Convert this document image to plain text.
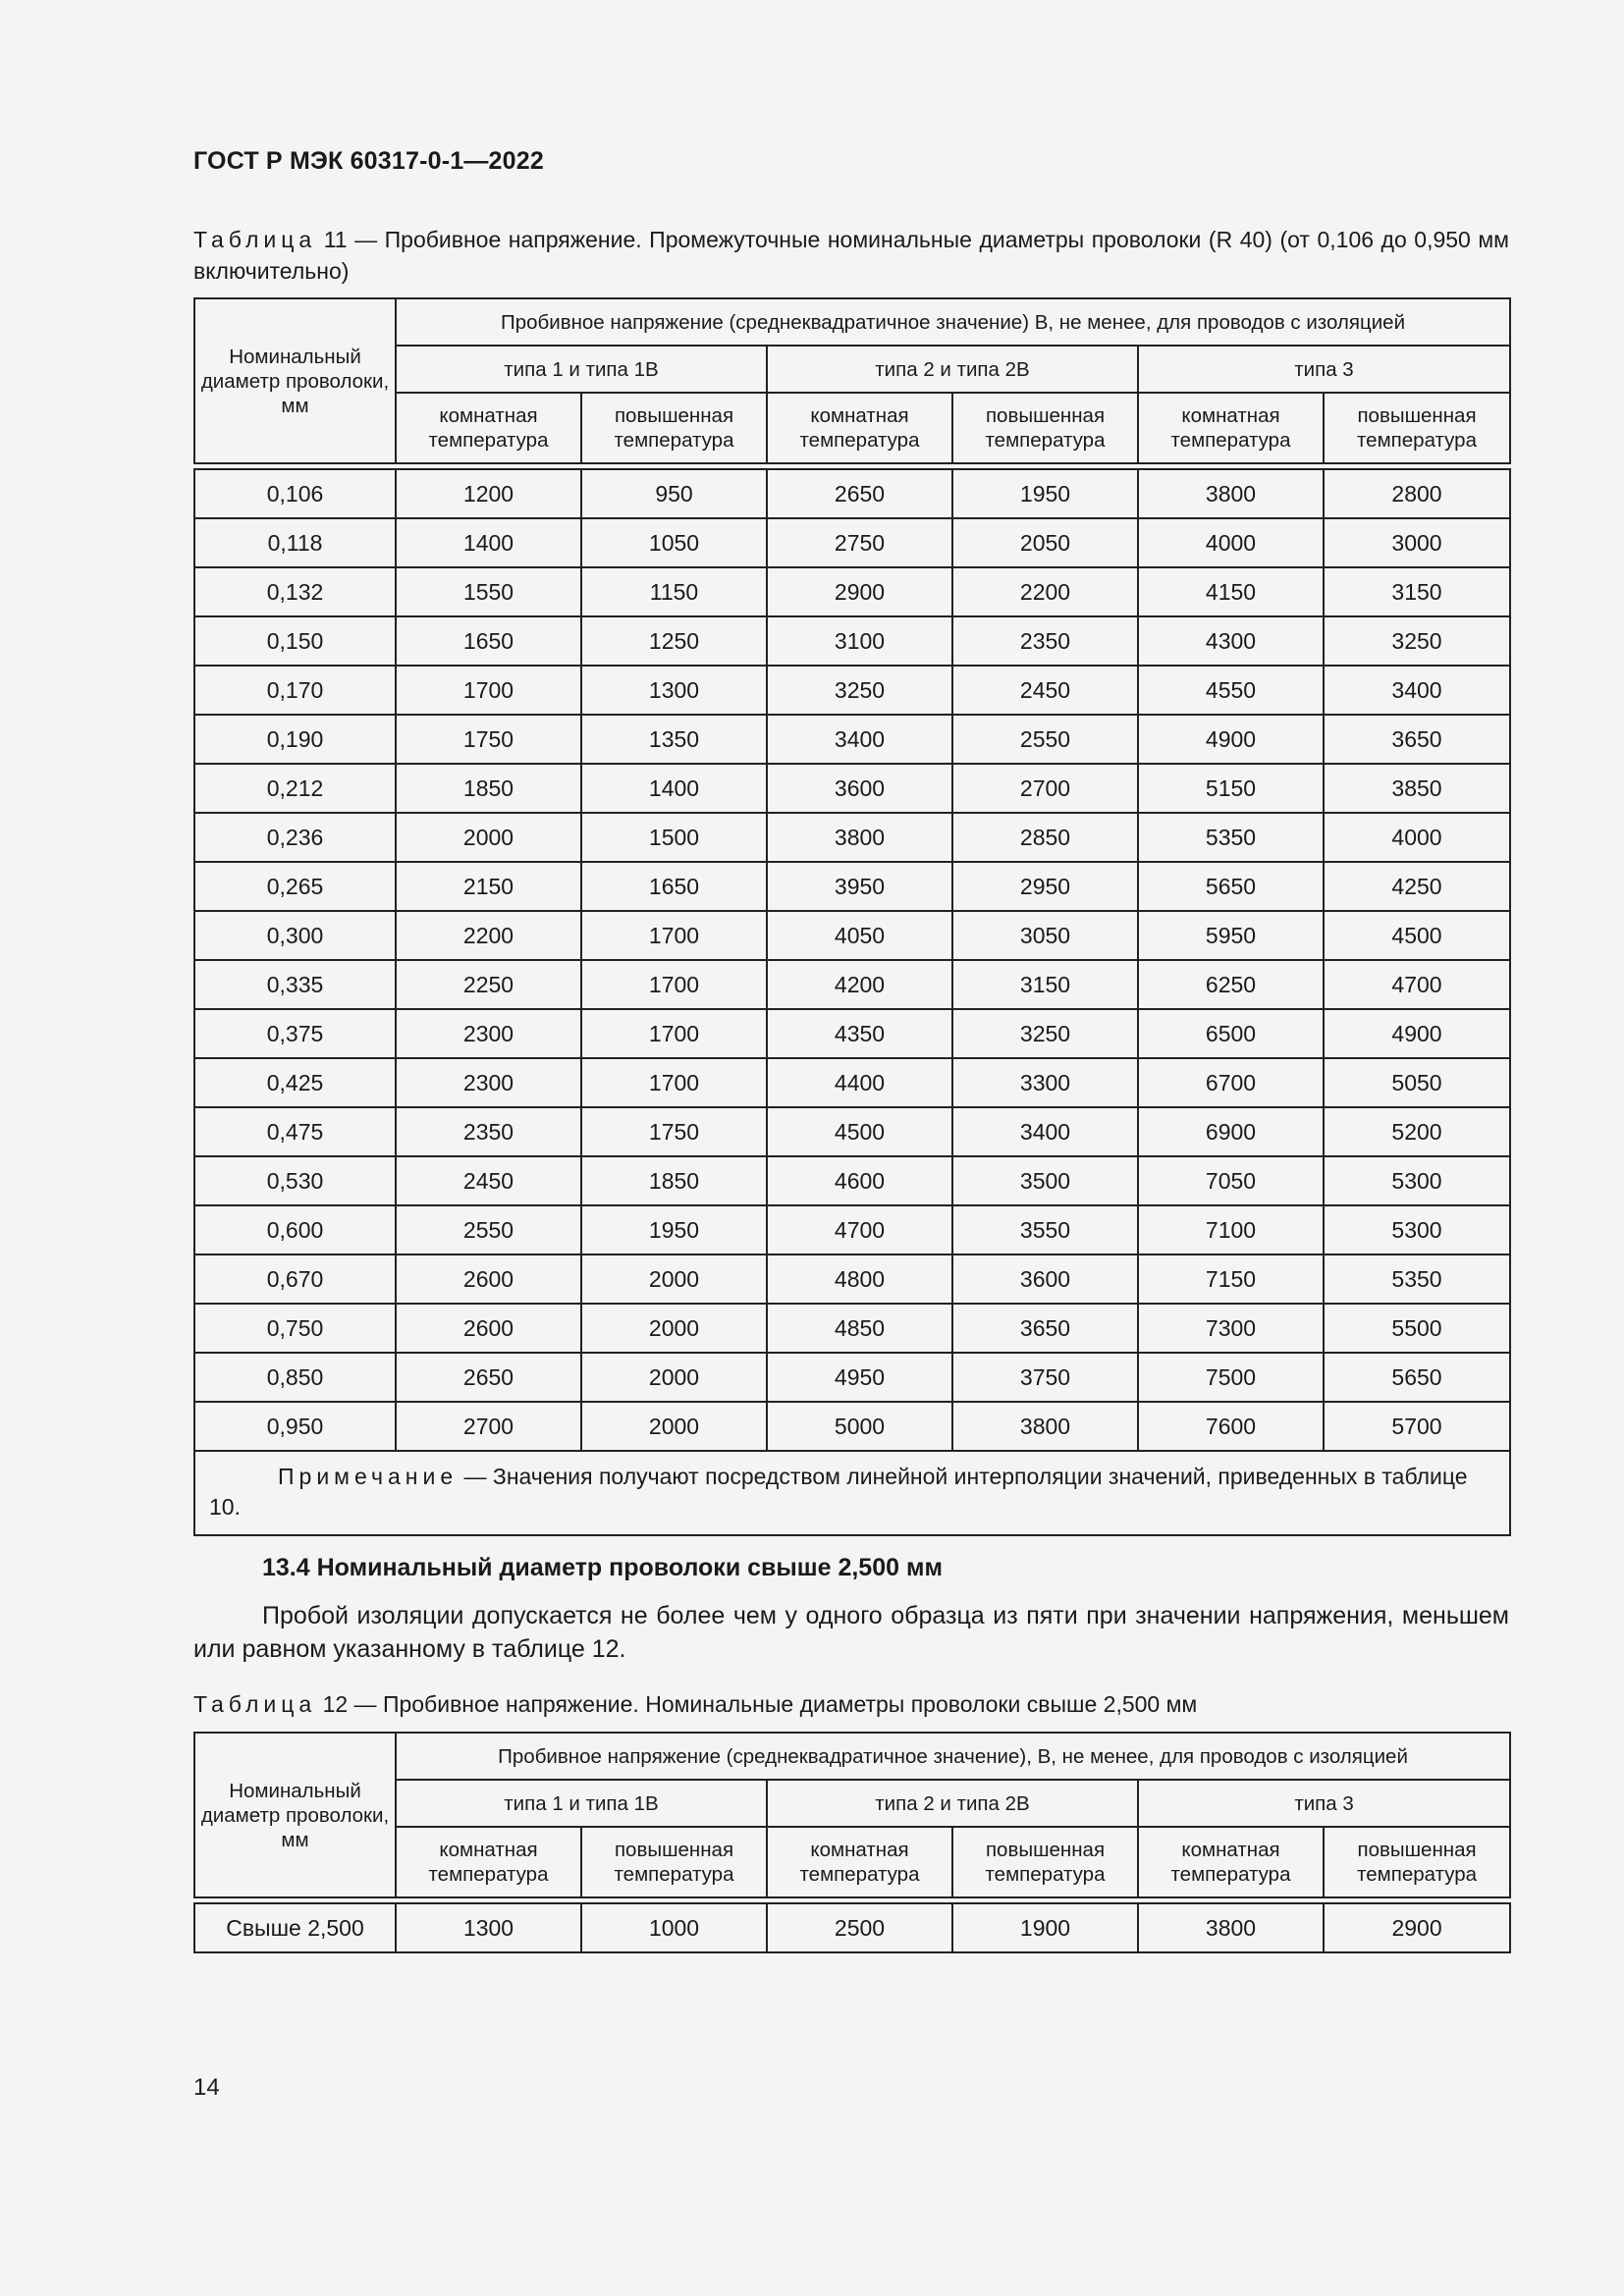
ГОСТ Р МЭК 60317-0-1—2022
Таблица 11 — Пробивное напряжение. Промежуточные номинальные диаметры проволоки (R 40) (от 0,106 до 0,950 мм включительно)
Номинальный диаметр проволоки, мм	Пробивное напряжение (среднеквадратичное значение) В, не менее, для проводов с изоляцией					
	типа 1 и типа 1В		типа 2 и типа 2В		типа 3	
	комнатная температура	повышенная температура	комнатная температура	повышенная температура	комнатная температура	повышенная температура

0,106	1200	950	2650	1950	3800	2800
0,118	1400	1050	2750	2050	4000	3000
0,132	1550	1150	2900	2200	4150	3150
0,150	1650	1250	3100	2350	4300	3250
0,170	1700	1300	3250	2450	4550	3400
0,190	1750	1350	3400	2550	4900	3650
0,212	1850	1400	3600	2700	5150	3850
0,236	2000	1500	3800	2850	5350	4000
0,265	2150	1650	3950	2950	5650	4250
0,300	2200	1700	4050	3050	5950	4500
0,335	2250	1700	4200	3150	6250	4700
0,375	2300	1700	4350	3250	6500	4900
0,425	2300	1700	4400	3300	6700	5050
0,475	2350	1750	4500	3400	6900	5200
0,530	2450	1850	4600	3500	7050	5300
0,600	2550	1950	4700	3550	7100	5300
0,670	2600	2000	4800	3600	7150	5350
0,750	2600	2000	4850	3650	7300	5500
0,850	2650	2000	4950	3750	7500	5650
0,950	2700	2000	5000	3800	7600	5700
Примечание — Значения получают посредством линейной интерполяции значений, приведенных в таблице 10.						
13.4 Номинальный диаметр проволоки свыше 2,500 мм
Пробой изоляции допускается не более чем у одного образца из пяти при значении напряжения, меньшем или равном указанному в таблице 12.
Таблица 12 — Пробивное напряжение. Номинальные диаметры проволоки свыше 2,500 мм
Номинальный диаметр проволоки, мм	Пробивное напряжение (среднеквадратичное значение), В, не менее, для проводов с изоляцией					
	типа 1 и типа 1В		типа 2 и типа 2В		типа 3	
	комнатная температура	повышенная температура	комнатная температура	повышенная температура	комнатная температура	повышенная температура

Свыше 2,500	1300	1000	2500	1900	3800	2900
14
